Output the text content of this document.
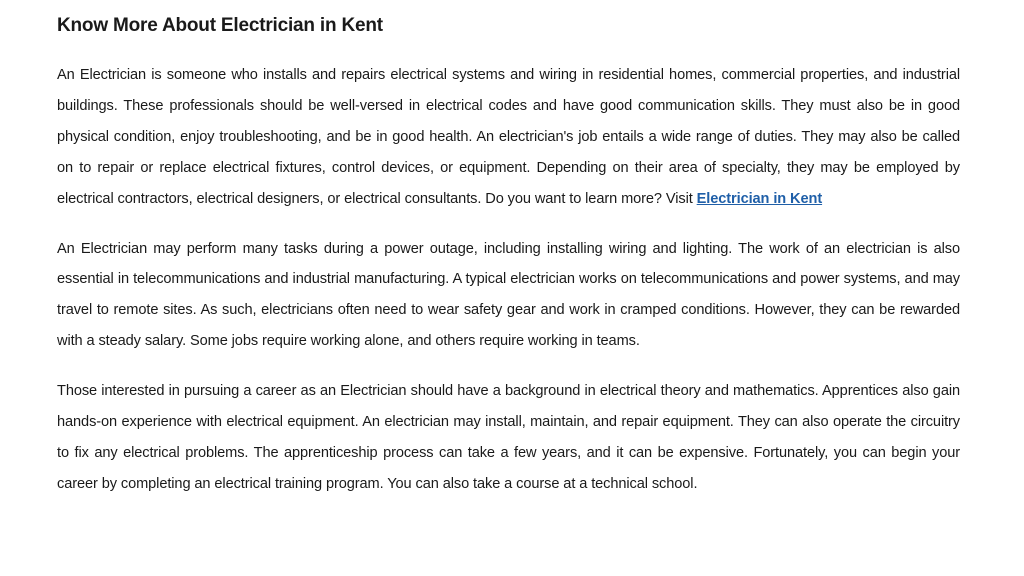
Know More About Electrician in Kent

An Electrician is someone who installs and repairs electrical systems and wiring in residential homes, commercial properties, and industrial buildings. These professionals should be well-versed in electrical codes and have good communication skills. They must also be in good physical condition, enjoy troubleshooting, and be in good health. An electrician's job entails a wide range of duties. They may also be called on to repair or replace electrical fixtures, control devices, or equipment. Depending on their area of specialty, they may be employed by electrical contractors, electrical designers, or electrical consultants. Do you want to learn more? Visit Electrician in Kent

An Electrician may perform many tasks during a power outage, including installing wiring and lighting. The work of an electrician is also essential in telecommunications and industrial manufacturing. A typical electrician works on telecommunications and power systems, and may travel to remote sites. As such, electricians often need to wear safety gear and work in cramped conditions. However, they can be rewarded with a steady salary. Some jobs require working alone, and others require working in teams.

Those interested in pursuing a career as an Electrician should have a background in electrical theory and mathematics. Apprentices also gain hands-on experience with electrical equipment. An electrician may install, maintain, and repair equipment. They can also operate the circuitry to fix any electrical problems. The apprenticeship process can take a few years, and it can be expensive. Fortunately, you can begin your career by completing an electrical training program. You can also take a course at a technical school.
